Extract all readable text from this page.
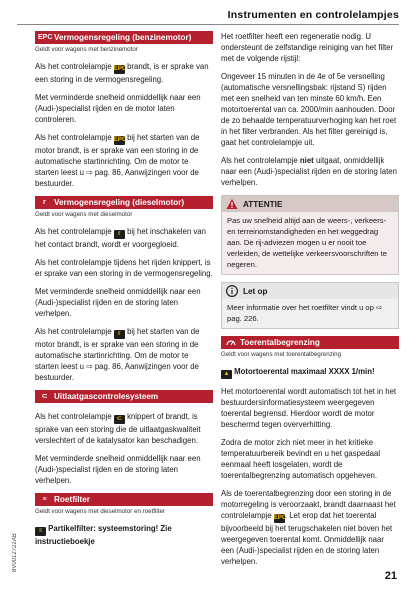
Instrumenten en controlelampjes
EPC Vermogensregeling (benzinemotor)
Geldt voor wagens met benzinemotor

Als het controlelampje EPC brandt, is er sprake van een storing in de vermogensregeling.

Met verminderde snelheid onmiddellijk naar een (Audi-)specialist rijden en de motor laten controleren.

Als het controlelampje EPC bij het starten van de motor brandt, is er sprake van een storing in de automatische startinrichting. Om de motor te starten leest u ⇨ pag. 86, Aanwijzingen voor de bestuurder.

ᴦ Vermogensregeling (dieselmotor)
Geldt voor wagens met dieselmotor

Als het controlelampje ᴦ bij het inschakelen van het contact brandt, wordt er voorgegloeid.

Als het controlelampje tijdens het rijden knippert, is er sprake van een storing in de vermogensregeling.

Met verminderde snelheid onmiddellijk naar een (Audi-)specialist rijden en de storing laten verhelpen.

Als het controlelampje ᴦ bij het starten van de motor brandt, is er sprake van een storing in de automatische startinrichting. Om de motor te starten leest u ⇨ pag. 86, Aanwijzingen voor de bestuurder.

⊂ Uitlaatgascontrolesysteem

Als het controlelampje ⊂ knippert of brandt, is sprake van een storing die de uitlaatgaskwaliteit verslechtert of de katalysator kan beschadigen.

Met verminderde snelheid onmiddellijk naar een (Audi-)specialist rijden en de storing laten verhelpen.

≡ Roetfilter
Geldt voor wagens met dieselmotor en roetfilter
≡ Partikelfilter: systeemstoring! Zie instructieboekje

Het roetfilter heeft een regeneratie nodig. U ondersteunt de zelfstandige reiniging van het filter met de volgende rijstijl:

Ongeveer 15 minuten in de 4e of 5e versnelling (automatische versnellingsbak: rijstand S) rijden met een snelheid van ten minste 60 km/h. Een motortoerental van ca. 2000/min aanhouden. Door de zo behaalde temperatuurverhoging kan het roet in het filter verbranden. Als het filter gereinigd is, gaat het controlelampje uit.

Als het controlelampje niet uitgaat, onmiddellijk naar een (Audi-)specialist rijden en de storing laten verhelpen.

ATTENTIE
Pas uw snelheid altijd aan de weers-, verkeers- en terreinomstandigheden en het weggedrag aan. De rij-adviezen mogen u er nooit toe verleiden, de wettelijke verkeersvoorschriften te negeren.
Let op
Meer informatie over het roetfilter vindt u op ⇨ pag. 226.
Toerentalbegrenzing
Geldt voor wagens met toerentalbegrenzing
▲ Motortoerental maximaal XXXX 1/min!

Het motortoerental wordt automatisch tot het in het bestuurdersinformatiesysteem weergegeven toerental begrensd. Hierdoor wordt de motor beschermd tegen oververhitting.

Zodra de motor zich niet meer in het kritieke temperatuurbereik bevindt en u het gaspedaal eenmaal heeft losgelaten, wordt de toerentalbegrenzing automatisch opgeheven.

Als de toerentalbegrenzing door een storing in de motorregeling is veroorzaakt, brandt daarnaast het controlelampje EPC. Let erop dat het toerental bijvoorbeeld bij het terugschakelen niet boven het weergegeven toerental komt. Onmiddellijk naar een (Audi-)specialist rijden en de storing laten verhelpen.

8V0012722AB
21
